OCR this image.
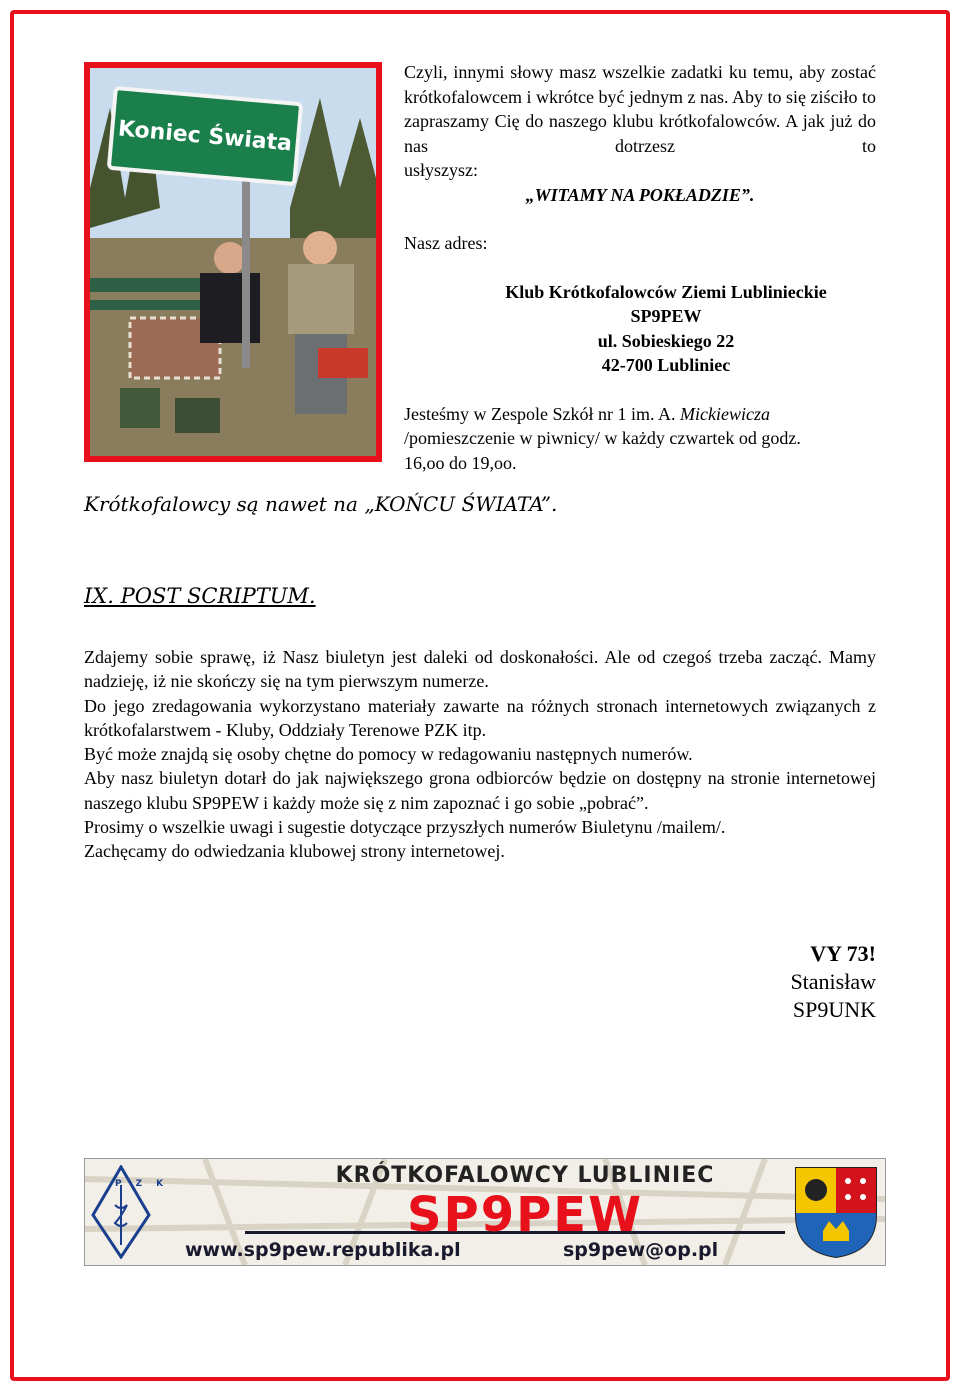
Koniec Świata
Krótkofalowcy są nawet na „KOŃCU ŚWIATA”.

Czyli, innymi słowy masz wszelkie zadatki ku temu, aby zostać krótkofalowcem i wkrótce być jednym z nas. Aby to się ziściło to zapraszamy Cię do naszego klubu krótkofalowców. A jak już do nas dotrzesz to

usłyszysz:

„WITAMY NA POKŁADZIE”.

Nasz adres:

Klub Krótkofalowców Ziemi Lublinieckie

SP9PEW

ul. Sobieskiego 22

42-700 Lubliniec

Jesteśmy w Zespole Szkół nr 1 im. A. Mickiewicza

/pomieszczenie w piwnicy/ w każdy czwartek od godz.

16,oo do 19,oo.

IX. POST SCRIPTUM.

Zdajemy sobie sprawę, iż Nasz biuletyn jest daleki od doskonałości. Ale od czegoś trzeba zacząć. Mamy nadzieję, iż nie skończy się na tym pierwszym numerze.

Do jego zredagowania wykorzystano materiały zawarte na różnych stronach internetowych związanych z krótkofalarstwem - Kluby, Oddziały Terenowe PZK itp.

Być może znajdą się osoby chętne do pomocy w redagowaniu następnych numerów.

Aby nasz biuletyn dotarł do jak największego grona odbiorców będzie on dostępny na stronie internetowej naszego klubu SP9PEW i każdy może się z nim zapoznać i go sobie „pobrać”.

Prosimy o wszelkie uwagi i sugestie dotyczące przyszłych numerów Biuletynu /mailem/.

Zachęcamy do odwiedzania klubowej strony internetowej.

VY 73!
Stanisław
SP9UNK
PZK	KRÓTKOFALOWCY LUBLINIEC
SP9PEW
www.sp9pew.republika.pl	sp9pew@op.pl
